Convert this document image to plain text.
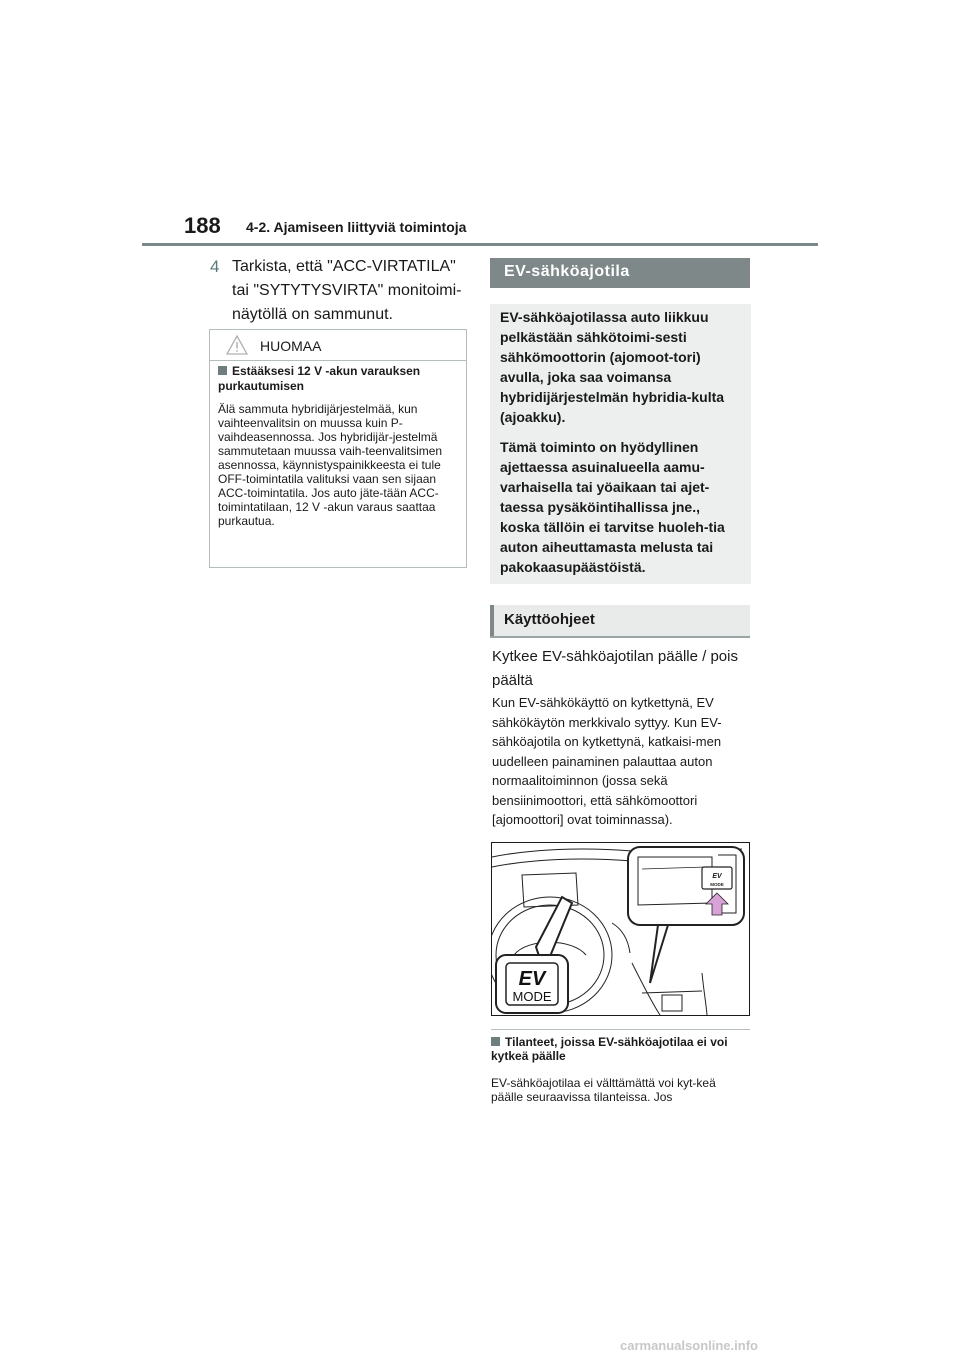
188 4-2. Ajamiseen liittyviä toimintoja
4 Tarkista, että "ACC-VIRTATILA" tai "SYTYTYSVIRTA" monitoimi-näytöllä on sammunut.
HUOMAA
Estääksesi 12 V -akun varauksen purkautumisen
Älä sammuta hybridijärjestelmää, kun vaihteenvalitsin on muussa kuin P-vaihdeasennossa. Jos hybridijär-jestelmä sammutetaan muussa vaih-teenvalitsimen asennossa, käynnistyspainikkeesta ei tule OFF-toimintatila valituksi vaan sen sijaan ACC-toimintatila. Jos auto jäte-tään ACC-toimintatilaan, 12 V -akun varaus saattaa purkautua.
EV-sähköajotila

EV-sähköajotilassa auto liikkuu pelkästään sähkötoimi-sesti sähkömoottorin (ajomoot-tori) avulla, joka saa voimansa hybridijärjestelmän hybridia-kulta (ajoakku).

Tämä toiminto on hyödyllinen ajettaessa asuinalueella aamu-varhaisella tai yöaikaan tai ajet-taessa pysäköintihallissa jne., koska tällöin ei tarvitse huoleh-tia auton aiheuttamasta melusta tai pakokaasupäästöistä.

Käyttöohjeet
Kytkee EV-sähköajotilan päälle / pois päältä
Kun EV-sähkökäyttö on kytkettynä, EV sähkökäytön merkkivalo syttyy. Kun EV-sähköajotila on kytkettynä, katkaisi-men uudelleen painaminen palauttaa auton normaalitoiminnon (jossa sekä bensiinimoottori, että sähkömoottori [ajomoottori] ovat toiminnassa).
EV
MODE
EV
MODE
Tilanteet, joissa EV-sähköajotilaa ei voi kytkeä päälle
EV-sähköajotilaa ei välttämättä voi kyt-keä päälle seuraavissa tilanteissa. Jos
carmanualsonline.info
